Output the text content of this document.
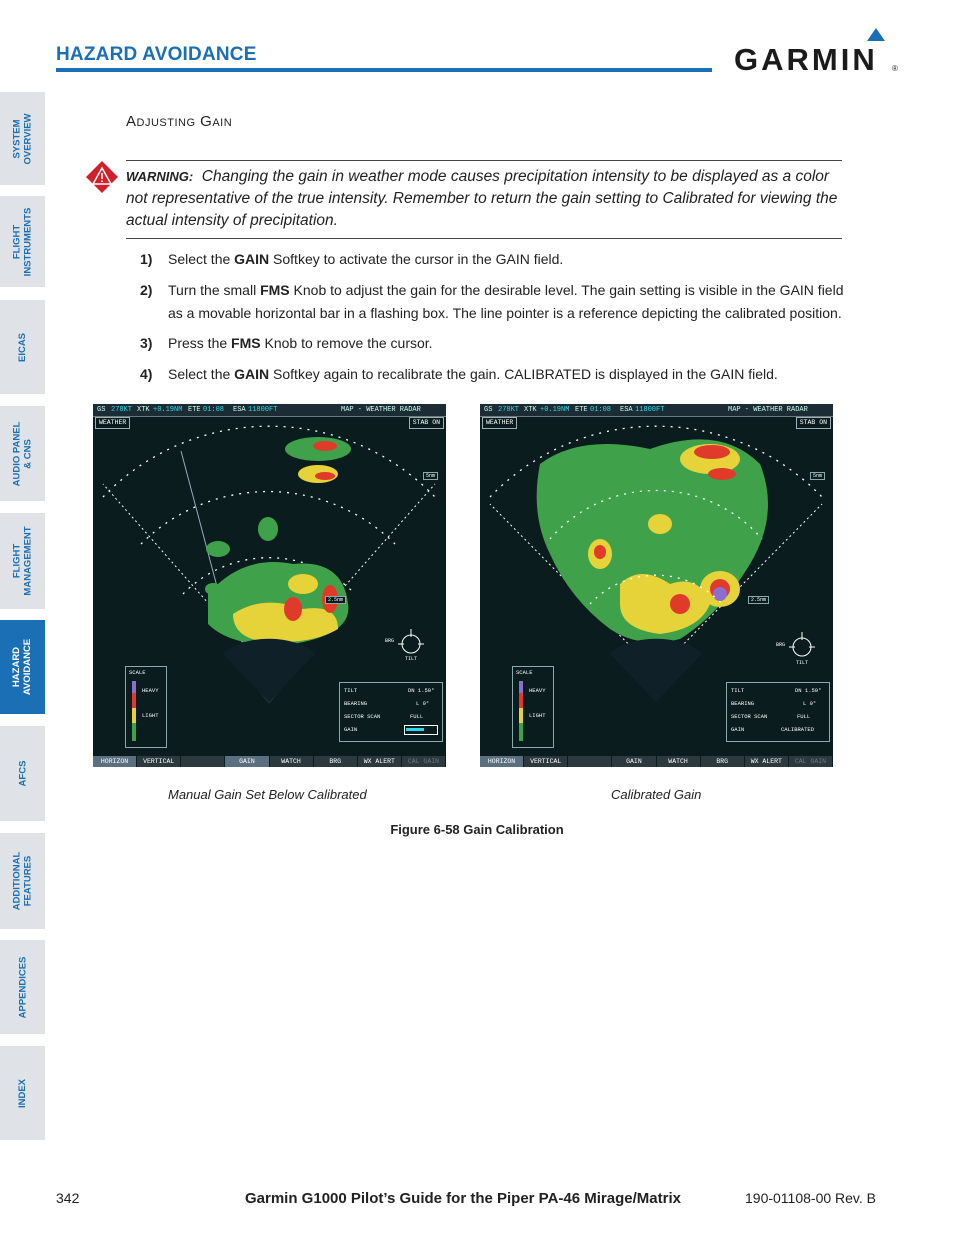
HAZARD AVOIDANCE	GARMIN ®
SYSTEM
OVERVIEW
FLIGHT
INSTRUMENTS
EICAS
AUDIO PANEL
& CNS
FLIGHT
MANAGEMENT
HAZARD
AVOIDANCE
AFCS
ADDITIONAL
FEATURES
APPENDICES
INDEX
Adjusting Gain
WARNING: Changing the gain in weather mode causes precipitation intensity to be displayed as a color not representative of the true intensity. Remember to return the gain setting to Calibrated for viewing the actual intensity of precipitation.
1) Select the GAIN Softkey to activate the cursor in the GAIN field.
2) Turn the small FMS Knob to adjust the gain for the desirable level. The gain setting is visible in the GAIN field as a movable horizontal bar in a flashing box. The line pointer is a reference depicting the calibrated position.
3) Press the FMS Knob to remove the cursor.
4) Select the GAIN Softkey again to recalibrate the gain. CALIBRATED is displayed in the GAIN field.
GS 278KT XTK +0.19NM ETE 01:08 ESA 11800FT	MAP - WEATHER RADAR
WEATHER	STAB ON
5nm
2.5nm
BRG
TILT
SCALE
HEAVY
LIGHT
TILT	DN 1.50°
BEARING	L 0°
SECTOR SCAN	FULL
GAIN
HORIZON	VERTICAL	GAIN	WATCH	BRG	WX ALERT	CAL GAIN
GS 278KT XTK +0.19NM ETE 01:08 ESA 11800FT	MAP - WEATHER RADAR
WEATHER	STAB ON
5nm
2.5nm
BRG
TILT
SCALE
HEAVY
LIGHT
TILT	DN 1.50°
BEARING	L 0°
SECTOR SCAN	FULL
GAIN	CALIBRATED
HORIZON	VERTICAL	GAIN	WATCH	BRG	WX ALERT	CAL GAIN
Manual Gain Set Below Calibrated	Calibrated Gain
Figure 6-58 Gain Calibration
342	Garmin G1000 Pilot’s Guide for the Piper PA-46 Mirage/Matrix	190-01108-00 Rev. B
